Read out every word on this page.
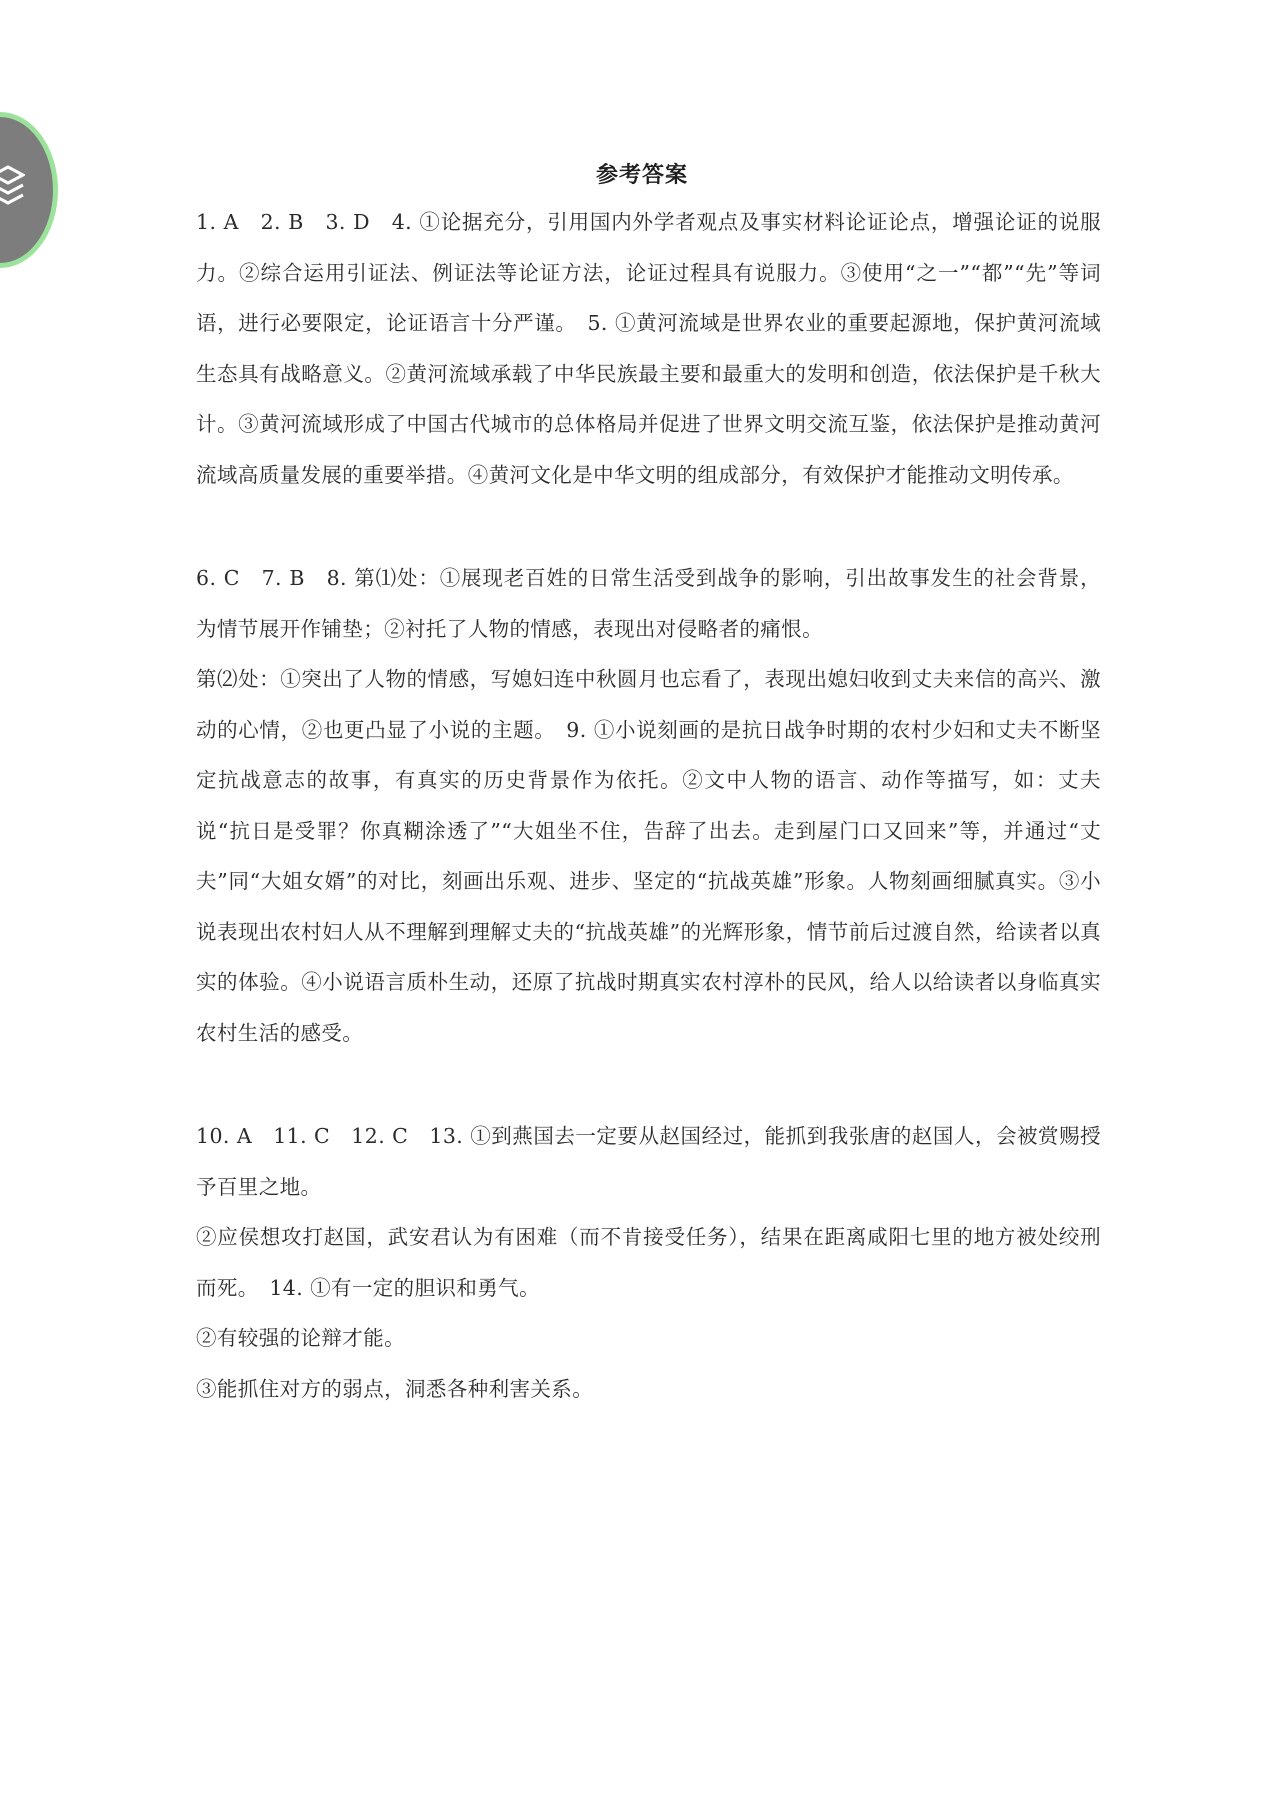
参考答案

1. A　2. B　3. D　4. ①论据充分，引用国内外学者观点及事实材料论证论点，增强论证的说服力。②综合运用引证法、例证法等论证方法，论证过程具有说服力。③使用“之一”“都”“先”等词语，进行必要限定，论证语言十分严谨。　5. ①黄河流域是世界农业的重要起源地，保护黄河流域生态具有战略意义。②黄河流域承载了中华民族最主要和最重大的发明和创造，依法保护是千秋大计。③黄河流域形成了中国古代城市的总体格局并促进了世界文明交流互鉴，依法保护是推动黄河流域高质量发展的重要举措。④黄河文化是中华文明的组成部分，有效保护才能推动文明传承。

6. C　7. B　8. 第⑴处：①展现老百姓的日常生活受到战争的影响，引出故事发生的社会背景，为情节展开作铺垫；②衬托了人物的情感，表现出对侵略者的痛恨。

第⑵处：①突出了人物的情感，写媳妇连中秋圆月也忘看了，表现出媳妇收到丈夫来信的高兴、激动的心情，②也更凸显了小说的主题。　9. ①小说刻画的是抗日战争时期的农村少妇和丈夫不断坚定抗战意志的故事，有真实的历史背景作为依托。②文中人物的语言、动作等描写，如：丈夫说“抗日是受罪？你真糊涂透了”“大姐坐不住，告辞了出去。走到屋门口又回来”等，并通过“丈夫”同“大姐女婿”的对比，刻画出乐观、进步、坚定的“抗战英雄”形象。人物刻画细腻真实。③小说表现出农村妇人从不理解到理解丈夫的“抗战英雄”的光辉形象，情节前后过渡自然，给读者以真实的体验。④小说语言质朴生动，还原了抗战时期真实农村淳朴的民风，给人以给读者以身临真实农村生活的感受。

10. A　11. C　12. C　13. ①到燕国去一定要从赵国经过，能抓到我张唐的赵国人，会被赏赐授予百里之地。

②应侯想攻打赵国，武安君认为有困难（而不肯接受任务），结果在距离咸阳七里的地方被处绞刑而死。　14. ①有一定的胆识和勇气。

②有较强的论辩才能。

③能抓住对方的弱点，洞悉各种利害关系。
